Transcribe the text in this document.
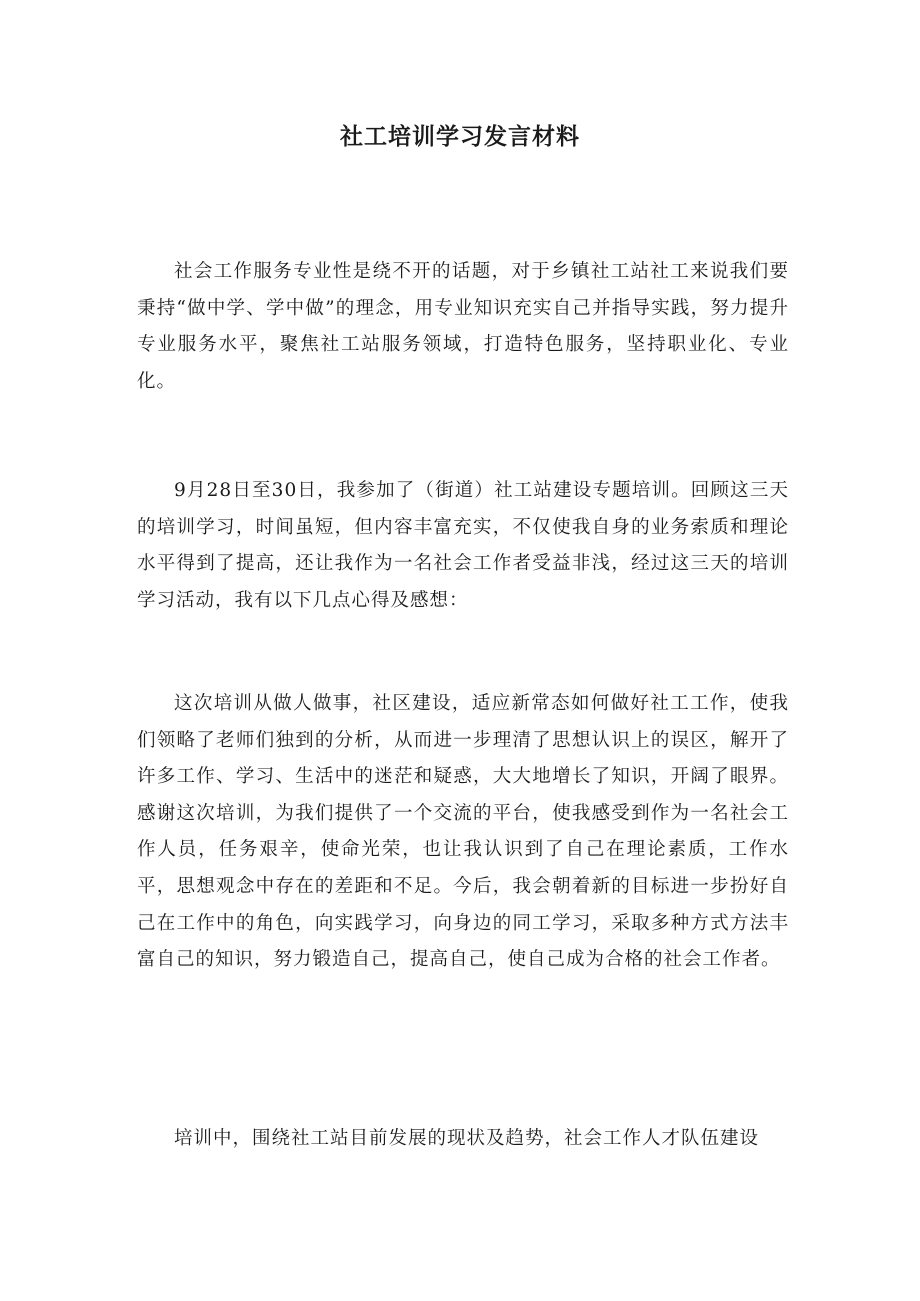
社工培训学习发言材料

社会工作服务专业性是绕不开的话题，对于乡镇社工站社工来说我们要秉持“做中学、学中做”的理念，用专业知识充实自己并指导实践，努力提升专业服务水平，聚焦社工站服务领域，打造特色服务，坚持职业化、专业化。

9月28日至30日，我参加了（街道）社工站建设专题培训。回顾这三天的培训学习，时间虽短，但内容丰富充实，不仅使我自身的业务索质和理论水平得到了提高，还让我作为一名社会工作者受益非浅，经过这三天的培训学习活动，我有以下几点心得及感想：

这次培训从做人做事，社区建设，适应新常态如何做好社工工作，使我们领略了老师们独到的分析，从而进一步理清了思想认识上的误区，解开了许多工作、学习、生活中的迷茫和疑惑，大大地增长了知识，开阔了眼界。感谢这次培训，为我们提供了一个交流的平台，使我感受到作为一名社会工作人员，任务艰辛，使命光荣，也让我认识到了自己在理论素质，工作水平，思想观念中存在的差距和不足。今后，我会朝着新的目标进一步扮好自己在工作中的角色，向实践学习，向身边的同工学习，采取多种方式方法丰富自己的知识，努力锻造自己，提高自己，使自己成为合格的社会工作者。

培训中，围绕社工站目前发展的现状及趋势，社会工作人才队伍建设
